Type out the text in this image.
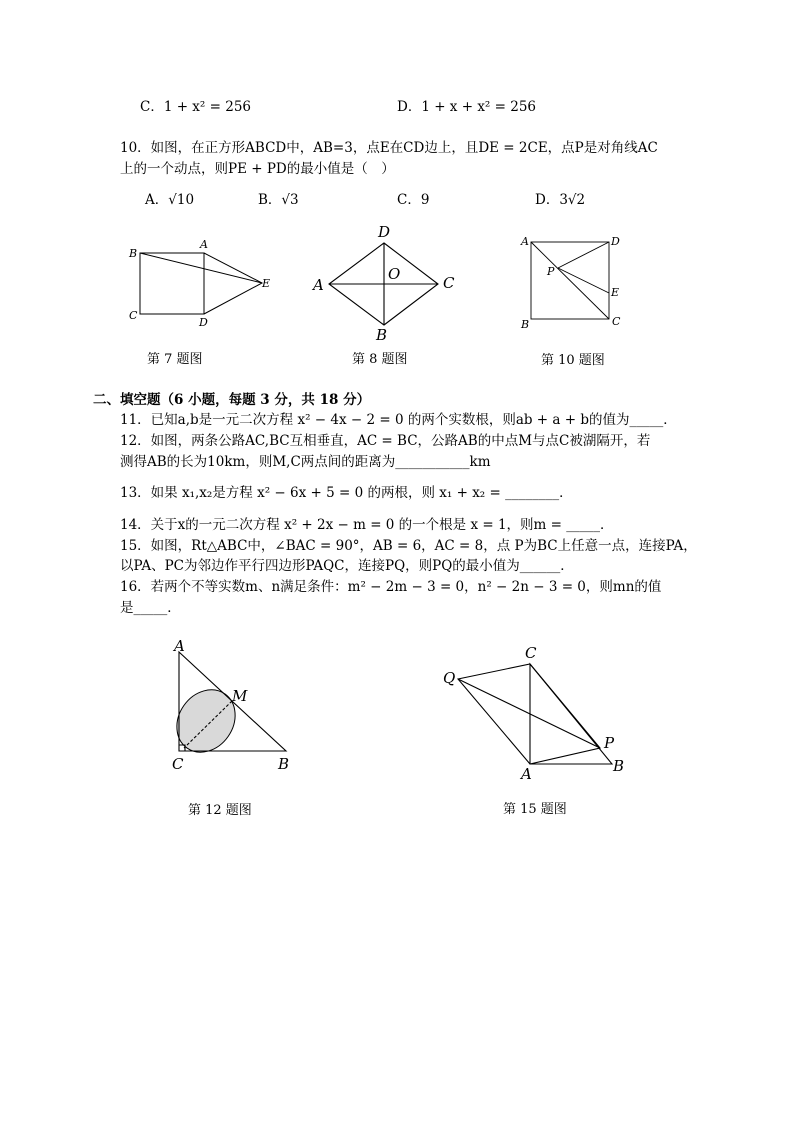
C．1 + x² = 256	D．1 + x + x² = 256
10．如图，在正方形ABCD中，AB=3，点E在CD边上，且DE = 2CE，点P是对角线AC
上的一个动点，则PE + PD的最小值是（　）
A．√10	B．√3	C．9	D．3√2
B
A
E
C
D
第 7 题图
D
A
O	C
B
第 8 题图
A	D
P
E
B	C
第 10 题图
二、填空题（6 小题，每题 3 分，共 18 分）
11．已知a,b是一元二次方程 x² − 4x − 2 = 0 的两个实数根，则ab + a + b的值为_____．
12．如图，两条公路AC,BC互相垂直，AC = BC，公路AB的中点M与点C被湖隔开，若
测得AB的长为10km，则M,C两点间的距离为___________km
13．如果 x₁,x₂是方程 x² − 6x + 5 = 0 的两根，则 x₁ + x₂ = ________．
14．关于x的一元二次方程 x² + 2x − m = 0 的一个根是 x = 1，则m = _____．
15．如图，Rt△ABC中，∠BAC = 90°，AB = 6，AC = 8，点 P为BC上任意一点，连接PA，
以PA、PC为邻边作平行四边形PAQC，连接PQ，则PQ的最小值为______．
16．若两个不等实数m、n满足条件：m² − 2m − 3 = 0，n² − 2n − 3 = 0，则mn的值
是_____．
A
M
C	B
第 12 题图
C
Q
P
A	B
第 15 题图
